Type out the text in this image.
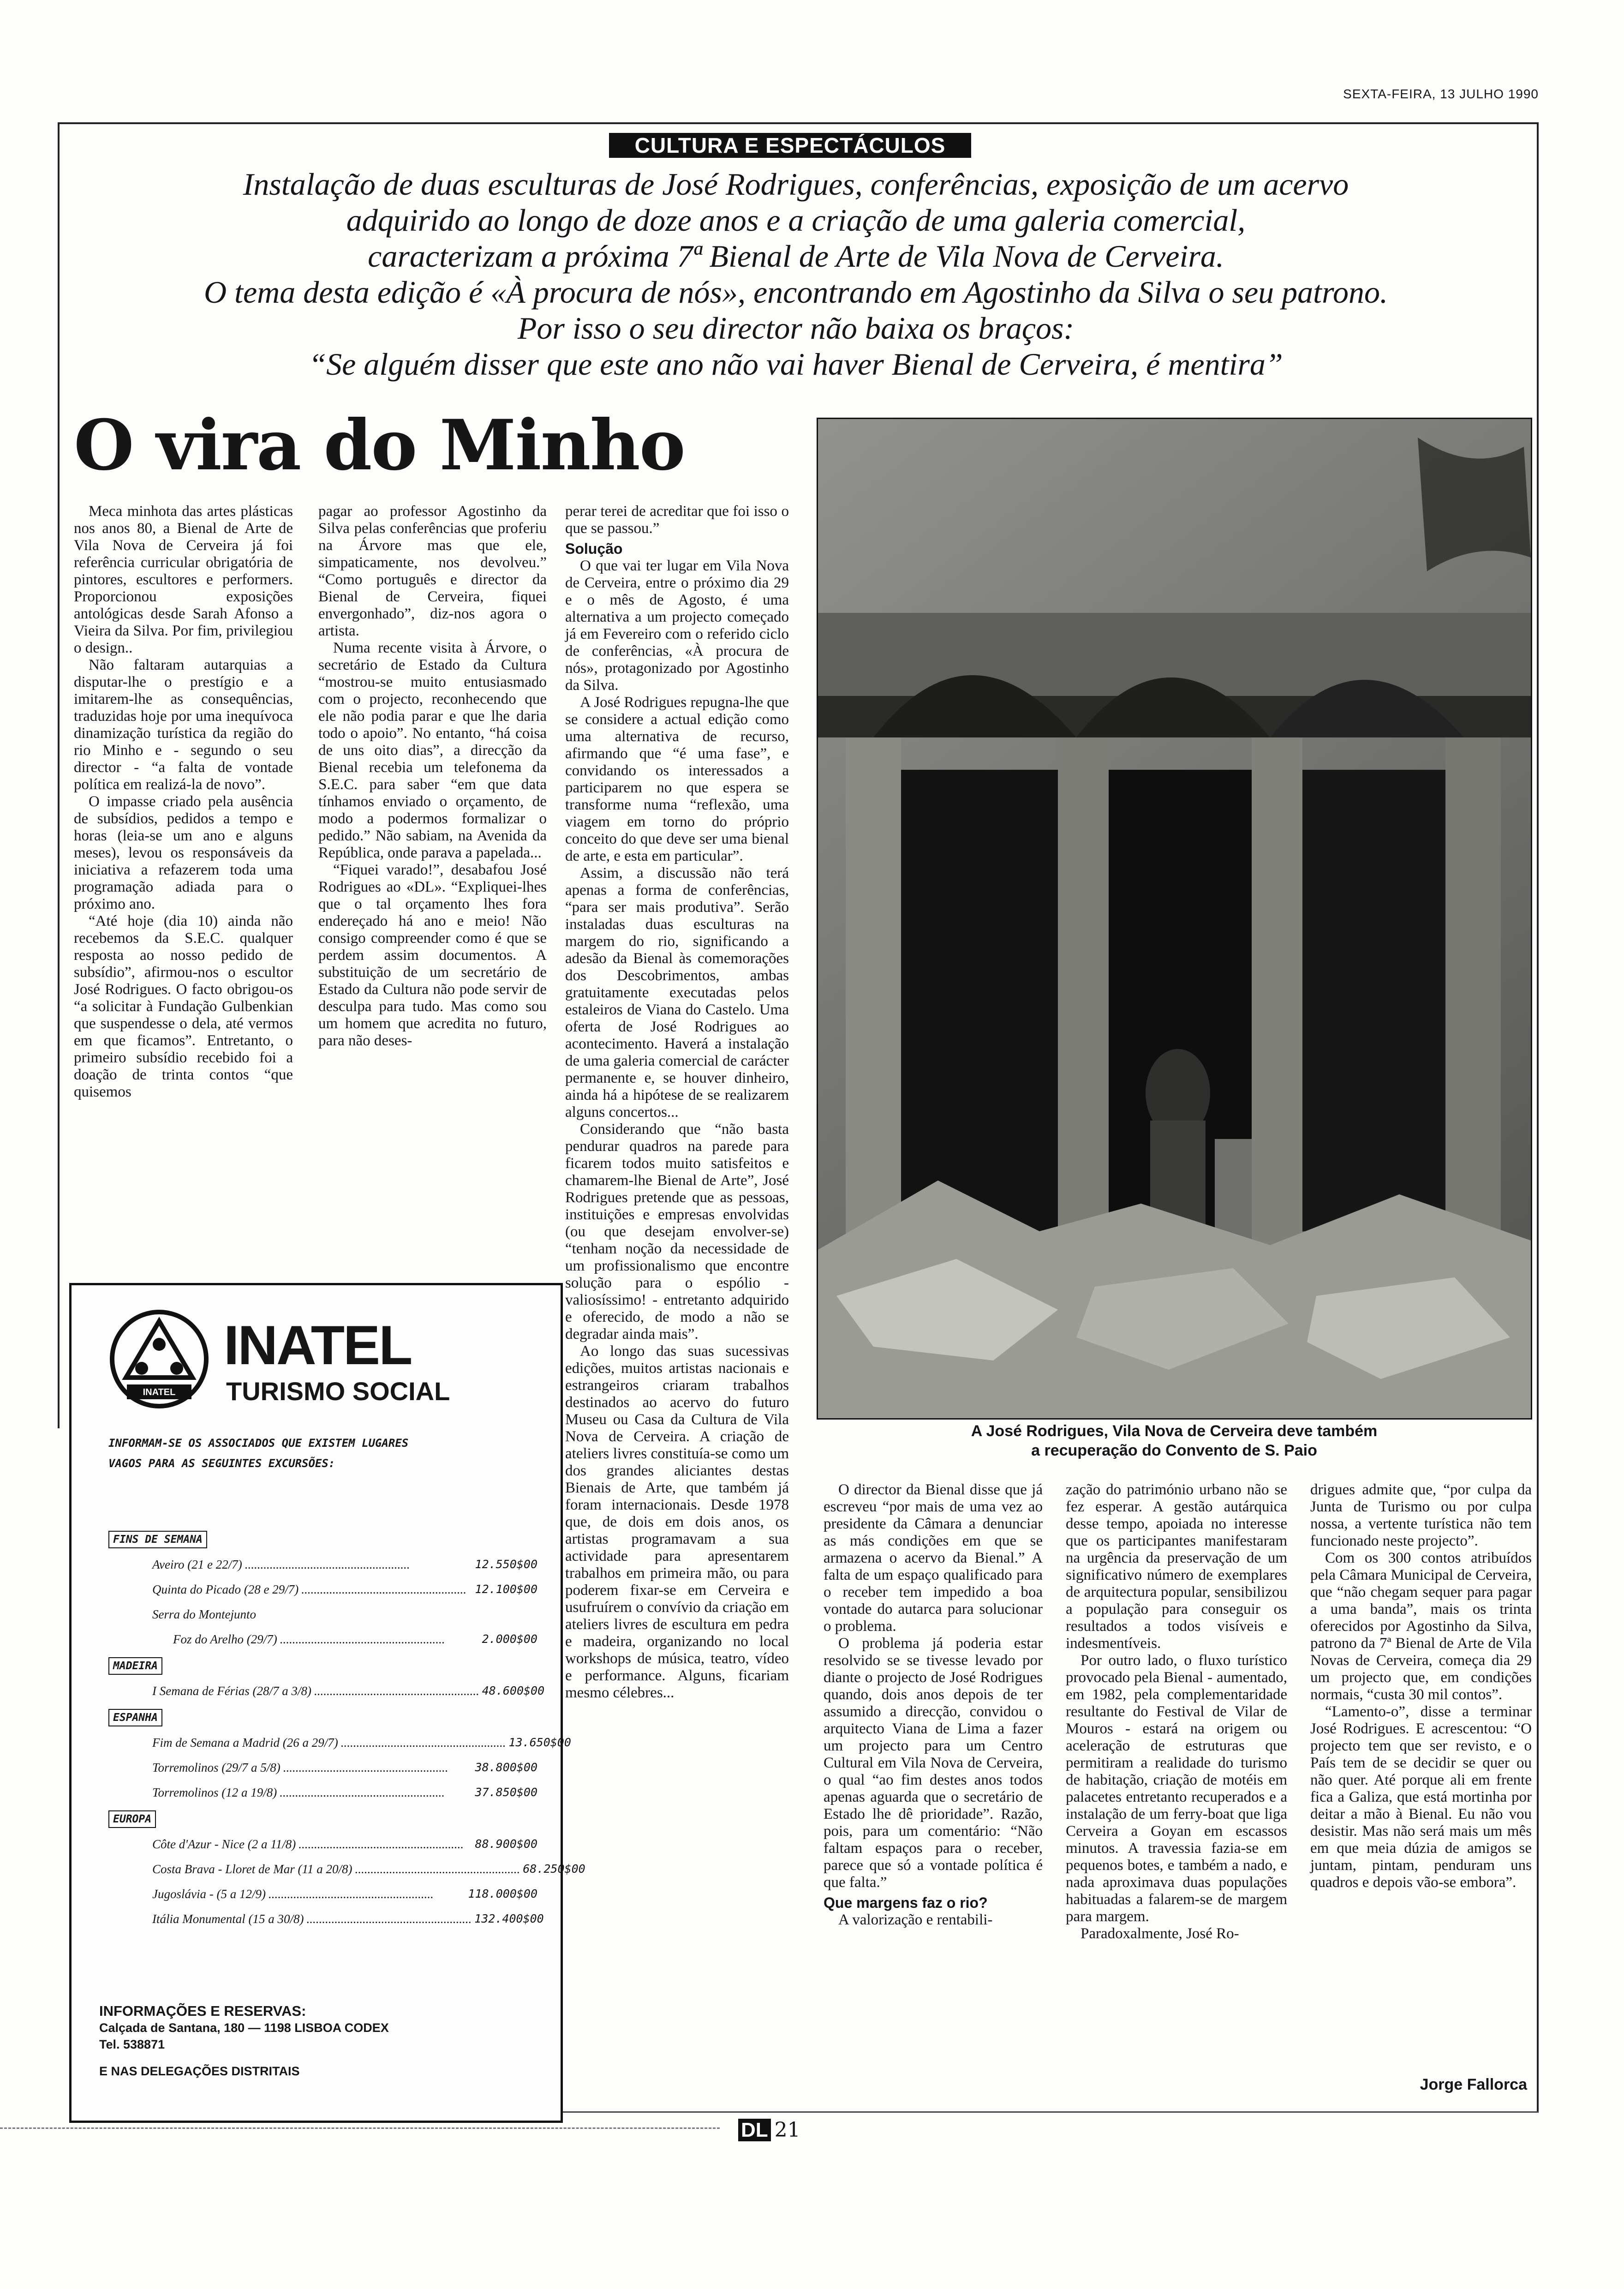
SEXTA-FEIRA, 13 JULHO 1990
CULTURA E ESPECTÁCULOS
Instalação de duas esculturas de José Rodrigues, conferências, exposição de um acervo
adquirido ao longo de doze anos e a criação de uma galeria comercial,
caracterizam a próxima 7ª Bienal de Arte de Vila Nova de Cerveira.
O tema desta edição é «À procura de nós», encontrando em Agostinho da Silva o seu patrono.
Por isso o seu director não baixa os braços:
“Se alguém disser que este ano não vai haver Bienal de Cerveira, é mentira”
O vira do Minho

Meca minhota das artes plásticas nos anos 80, a Bienal de Arte de Vila Nova de Cerveira já foi referência curricular obrigatória de pintores, escultores e performers. Proporcionou exposições antológicas desde Sarah Afonso a Vieira da Silva. Por fim, privilegiou o design..

Não faltaram autarquias a disputar-lhe o prestígio e a imitarem-lhe as consequências, traduzidas hoje por uma inequívoca dinamização turística da região do rio Minho e - segundo o seu director - “a falta de vontade política em realizá-la de novo”.

O impasse criado pela ausência de subsídios, pedidos a tempo e horas (leia-se um ano e alguns meses), levou os responsáveis da iniciativa a refazerem toda uma programação adiada para o próximo ano.

“Até hoje (dia 10) ainda não recebemos da S.E.C. qualquer resposta ao nosso pedido de subsídio”, afirmou-nos o escultor José Rodrigues. O facto obrigou-os “a solicitar à Fundação Gulbenkian que suspendesse o dela, até vermos em que ficamos”. Entretanto, o primeiro subsídio recebido foi a doação de trinta contos “que quisemos

pagar ao professor Agostinho da Silva pelas conferências que proferiu na Árvore mas que ele, simpaticamente, nos devolveu.” “Como português e director da Bienal de Cerveira, fiquei envergonhado”, diz-nos agora o artista.

Numa recente visita à Árvore, o secretário de Estado da Cultura “mostrou-se muito entusiasmado com o projecto, reconhecendo que ele não podia parar e que lhe daria todo o apoio”. No entanto, “há coisa de uns oito dias”, a direcção da Bienal recebia um telefonema da S.E.C. para saber “em que data tínhamos enviado o orçamento, de modo a podermos formalizar o pedido.” Não sabiam, na Avenida da República, onde parava a papelada...

“Fiquei varado!”, desabafou José Rodrigues ao «DL». “Expliquei-lhes que o tal orçamento lhes fora endereçado há ano e meio! Não consigo compreender como é que se perdem assim documentos. A substituição de um secretário de Estado da Cultura não pode servir de desculpa para tudo. Mas como sou um homem que acredita no futuro, para não deses-

perar terei de acreditar que foi isso o que se passou.”

Solução

O que vai ter lugar em Vila Nova de Cerveira, entre o próximo dia 29 e o mês de Agosto, é uma alternativa a um projecto começado já em Fevereiro com o referido ciclo de conferências, «À procura de nós», protagonizado por Agostinho da Silva.

A José Rodrigues repugna-lhe que se considere a actual edição como uma alternativa de recurso, afirmando que “é uma fase”, e convidando os interessados a participarem no que espera se transforme numa “reflexão, uma viagem em torno do próprio conceito do que deve ser uma bienal de arte, e esta em particular”.

Assim, a discussão não terá apenas a forma de conferências, “para ser mais produtiva”. Serão instaladas duas esculturas na margem do rio, significando a adesão da Bienal às comemorações dos Descobrimentos, ambas gratuitamente executadas pelos estaleiros de Viana do Castelo. Uma oferta de José Rodrigues ao acontecimento. Haverá a instalação de uma galeria comercial de carácter permanente e, se houver dinheiro, ainda há a hipótese de se realizarem alguns concertos...

Considerando que “não basta pendurar quadros na parede para ficarem todos muito satisfeitos e chamarem-lhe Bienal de Arte”, José Rodrigues pretende que as pessoas, instituições e empresas envolvidas (ou que desejam envolver-se) “tenham noção da necessidade de um profissionalismo que encontre solução para o espólio - valiosíssimo! - entretanto adquirido e oferecido, de modo a não se degradar ainda mais”.

Ao longo das suas sucessivas edições, muitos artistas nacionais e estrangeiros criaram trabalhos destinados ao acervo do futuro Museu ou Casa da Cultura de Vila Nova de Cerveira. A criação de ateliers livres constituía-se como um dos grandes aliciantes destas Bienais de Arte, que também já foram internacionais. Desde 1978 que, de dois em dois anos, os artistas programavam a sua actividade para apresentarem trabalhos em primeira mão, ou para poderem fixar-se em Cerveira e usufruírem o convívio da criação em ateliers livres de escultura em pedra e madeira, organizando no local workshops de música, teatro, vídeo e performance. Alguns, ficariam mesmo célebres...

A José Rodrigues, Vila Nova de Cerveira deve também
a recuperação do Convento de S. Paio

O director da Bienal disse que já escreveu “por mais de uma vez ao presidente da Câmara a denunciar as más condições em que se armazena o acervo da Bienal.” A falta de um espaço qualificado para o receber tem impedido a boa vontade do autarca para solucionar o problema.

O problema já poderia estar resolvido se se tivesse levado por diante o projecto de José Rodrigues quando, dois anos depois de ter assumido a direcção, convidou o arquitecto Viana de Lima a fazer um projecto para um Centro Cultural em Vila Nova de Cerveira, o qual “ao fim destes anos todos apenas aguarda que o secretário de Estado lhe dê prioridade”. Razão, pois, para um comentário: “Não faltam espaços para o receber, parece que só a vontade política é que falta.”

Que margens faz o rio?

A valorização e rentabili-

zação do património urbano não se fez esperar. A gestão autárquica desse tempo, apoiada no interesse que os participantes manifestaram na urgência da preservação de um significativo número de exemplares de arquitectura popular, sensibilizou a população para conseguir os resultados a todos visíveis e indesmentíveis.

Por outro lado, o fluxo turístico provocado pela Bienal - aumentado, em 1982, pela complementaridade resultante do Festival de Vilar de Mouros - estará na origem ou aceleração de estruturas que permitiram a realidade do turismo de habitação, criação de motéis em palacetes entretanto recuperados e a instalação de um ferry-boat que liga Cerveira a Goyan em escassos minutos. A travessia fazia-se em pequenos botes, e também a nado, e nada aproximava duas populações habituadas a falarem-se de margem para margem.

Paradoxalmente, José Ro-

drigues admite que, “por culpa da Junta de Turismo ou por culpa nossa, a vertente turística não tem funcionado neste projecto”.

Com os 300 contos atribuídos pela Câmara Municipal de Cerveira, que “não chegam sequer para pagar a uma banda”, mais os trinta oferecidos por Agostinho da Silva, patrono da 7ª Bienal de Arte de Vila Novas de Cerveira, começa dia 29 um projecto que, em condições normais, “custa 30 mil contos”.

“Lamento-o”, disse a terminar José Rodrigues. E acrescentou: “O projecto tem que ser revisto, e o País tem de se decidir se quer ou não quer. Até porque ali em frente fica a Galiza, que está mortinha por deitar a mão à Bienal. Eu não vou desistir. Mas não será mais um mês em que meia dúzia de amigos se juntam, pintam, penduram uns quadros e depois vão-se embora”.

Jorge Fallorca
INATEL
INATEL
TURISMO SOCIAL
INFORMAM-SE OS ASSOCIADOS QUE EXISTEM LUGARES
VAGOS PARA AS SEGUINTES EXCURSÕES:
FINS DE SEMANA
Aveiro (21 e 22/7) .....................................................	12.550$00
Quinta do Picado (28 e 29/7) ..................................................... 12.100$00
Serra do Montejunto
Foz do Arelho (29/7) .....................................................	2.000$00
MADEIRA
I Semana de Férias (28/7 a 3/8) ..................................................... 48.600$00
ESPANHA
Fim de Semana a Madrid (26 a 29/7) ..................................................... 13.650$00
Torremolinos (29/7 a 5/8) .....................................................	38.800$00
Torremolinos (12 a 19/8) .....................................................	37.850$00
EUROPA
Côte d'Azur - Nice (2 a 11/8) ..................................................... 88.900$00
Costa Brava - Lloret de Mar (11 a 20/8) ..................................................... 68.250$00
Jugoslávia - (5 a 12/9) .....................................................	118.000$00
Itália Monumental (15 a 30/8) ..................................................... 132.400$00
INFORMAÇÕES E RESERVAS:
Calçada de Santana, 180 — 1198 LISBOA CODEX
Tel. 538871
E NAS DELEGAÇÕES DISTRITAIS
DL 21
